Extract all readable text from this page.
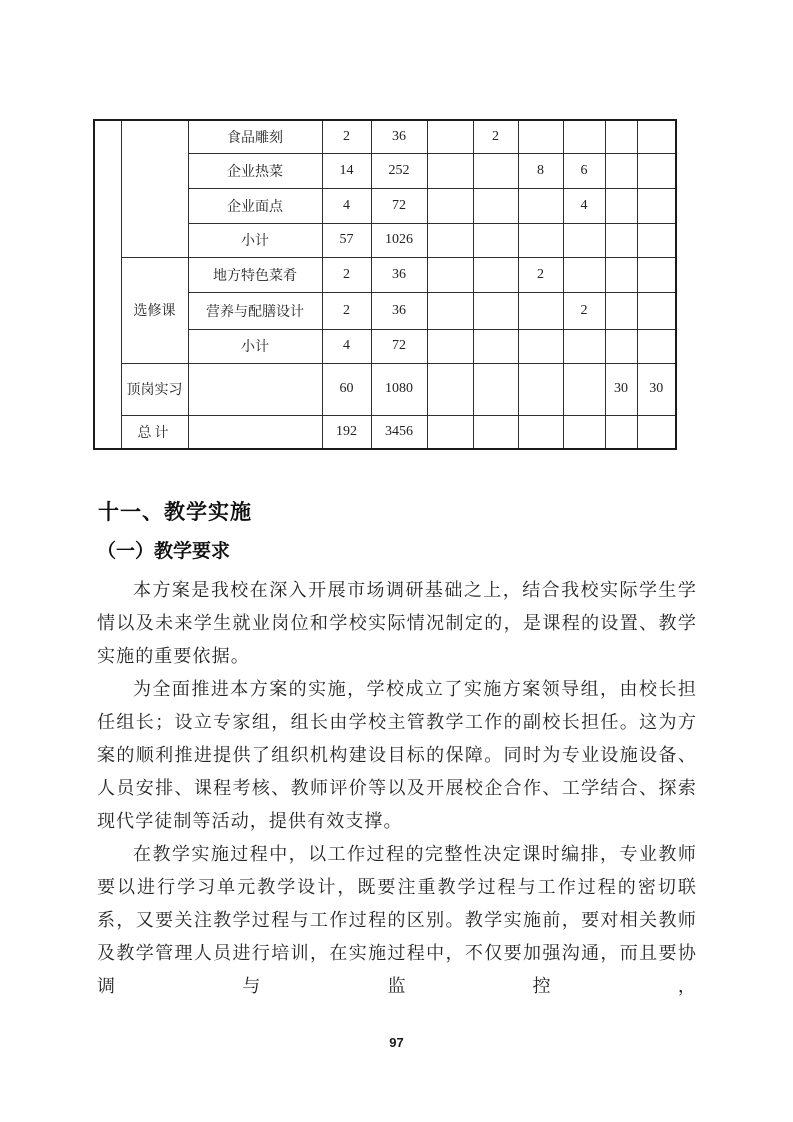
		食品雕刻	2	36		2				
		企业热菜	14	252			8	6		
		企业面点	4	72				4		
		小计	57	1026						
	选修课	地方特色菜肴	2	36			2			
		营养与配膳设计	2	36				2		
		小计	4	72						
	顶岗实习		60	1080					30	30
	总计		192	3456						
十一、教学实施
（一）教学要求

本方案是我校在深入开展市场调研基础之上，结合我校实际学生学情以及未来学生就业岗位和学校实际情况制定的，是课程的设置、教学实施的重要依据。

为全面推进本方案的实施，学校成立了实施方案领导组，由校长担任组长；设立专家组，组长由学校主管教学工作的副校长担任。这为方案的顺利推进提供了组织机构建设目标的保障。同时为专业设施设备、人员安排、课程考核、教师评价等以及开展校企合作、工学结合、探索现代学徒制等活动，提供有效支撑。

在教学实施过程中，以工作过程的完整性决定课时编排，专业教师要以进行学习单元教学设计，既要注重教学过程与工作过程的密切联系，又要关注教学过程与工作过程的区别。教学实施前，要对相关教师及教学管理人员进行培训，在实施过程中，不仅要加强沟通，而且要协调与监控，

97
